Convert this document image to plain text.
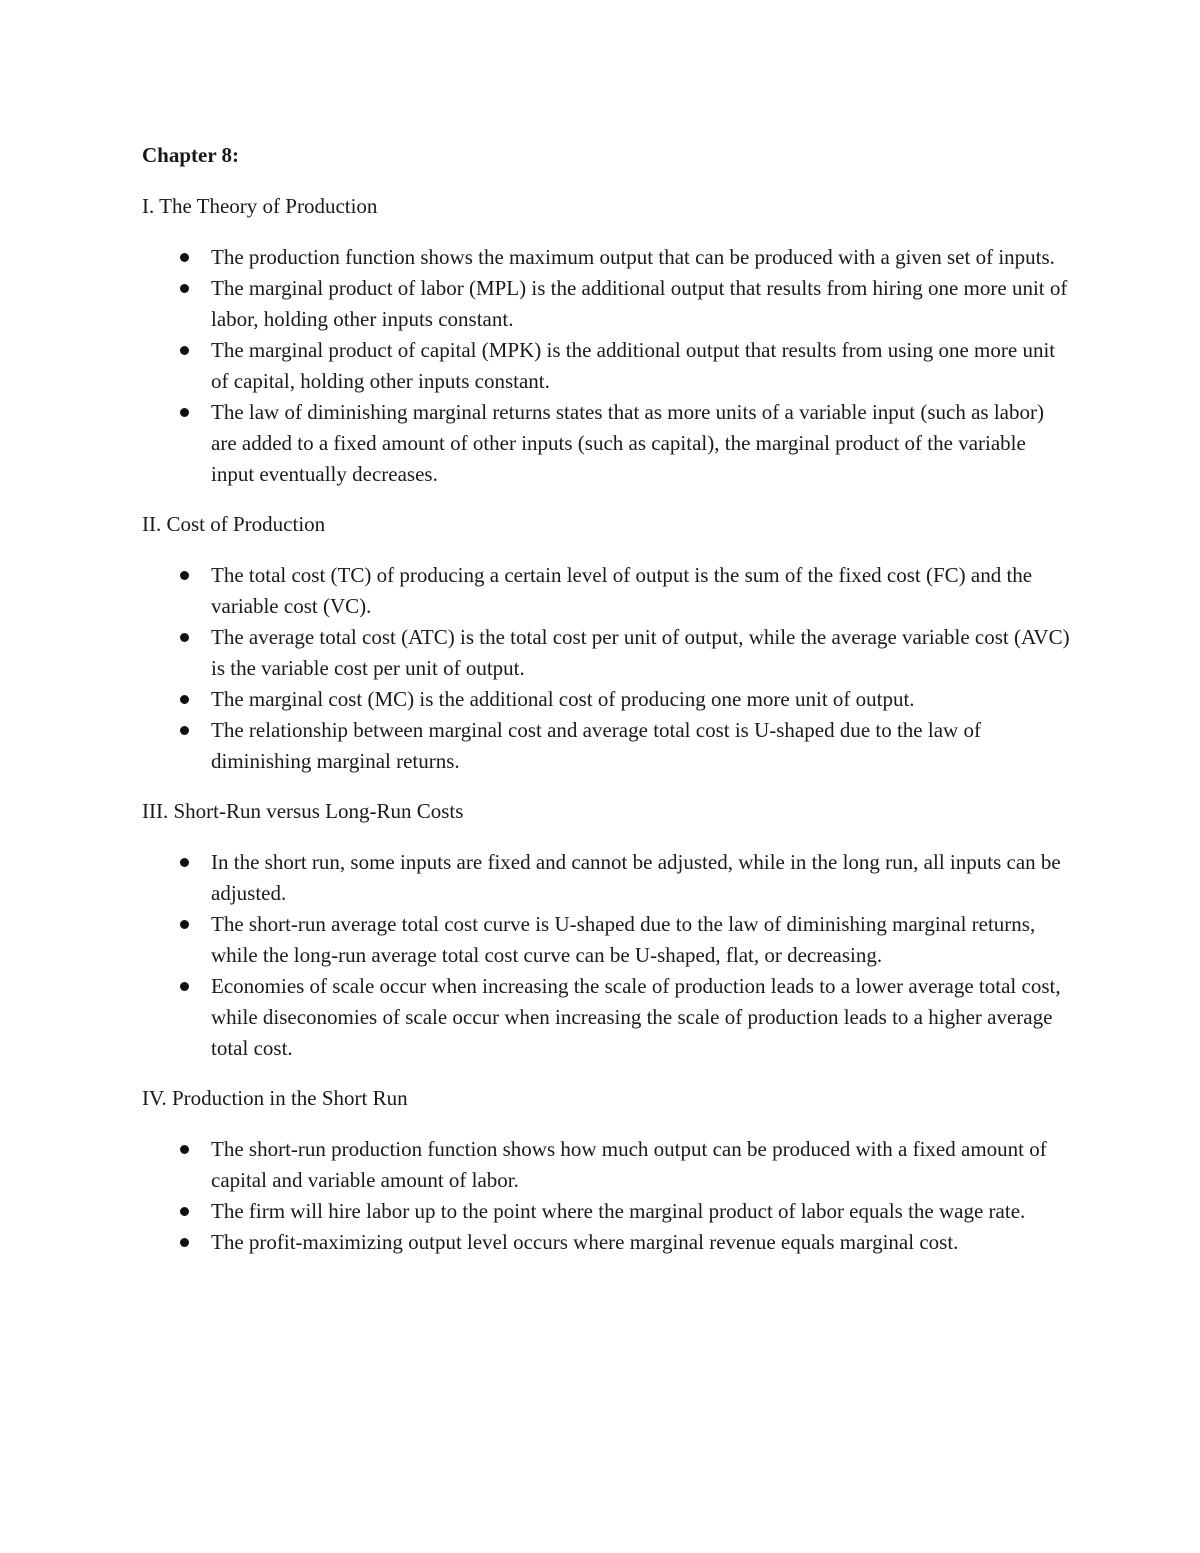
Chapter 8:
I. The Theory of Production
The production function shows the maximum output that can be produced with a given set of inputs.
The marginal product of labor (MPL) is the additional output that results from hiring one more unit of labor, holding other inputs constant.
The marginal product of capital (MPK) is the additional output that results from using one more unit of capital, holding other inputs constant.
The law of diminishing marginal returns states that as more units of a variable input (such as labor) are added to a fixed amount of other inputs (such as capital), the marginal product of the variable input eventually decreases.
II. Cost of Production
The total cost (TC) of producing a certain level of output is the sum of the fixed cost (FC) and the variable cost (VC).
The average total cost (ATC) is the total cost per unit of output, while the average variable cost (AVC) is the variable cost per unit of output.
The marginal cost (MC) is the additional cost of producing one more unit of output.
The relationship between marginal cost and average total cost is U-shaped due to the law of diminishing marginal returns.
III. Short-Run versus Long-Run Costs
In the short run, some inputs are fixed and cannot be adjusted, while in the long run, all inputs can be adjusted.
The short-run average total cost curve is U-shaped due to the law of diminishing marginal returns, while the long-run average total cost curve can be U-shaped, flat, or decreasing.
Economies of scale occur when increasing the scale of production leads to a lower average total cost, while diseconomies of scale occur when increasing the scale of production leads to a higher average total cost.
IV. Production in the Short Run
The short-run production function shows how much output can be produced with a fixed amount of capital and variable amount of labor.
The firm will hire labor up to the point where the marginal product of labor equals the wage rate.
The profit-maximizing output level occurs where marginal revenue equals marginal cost.
